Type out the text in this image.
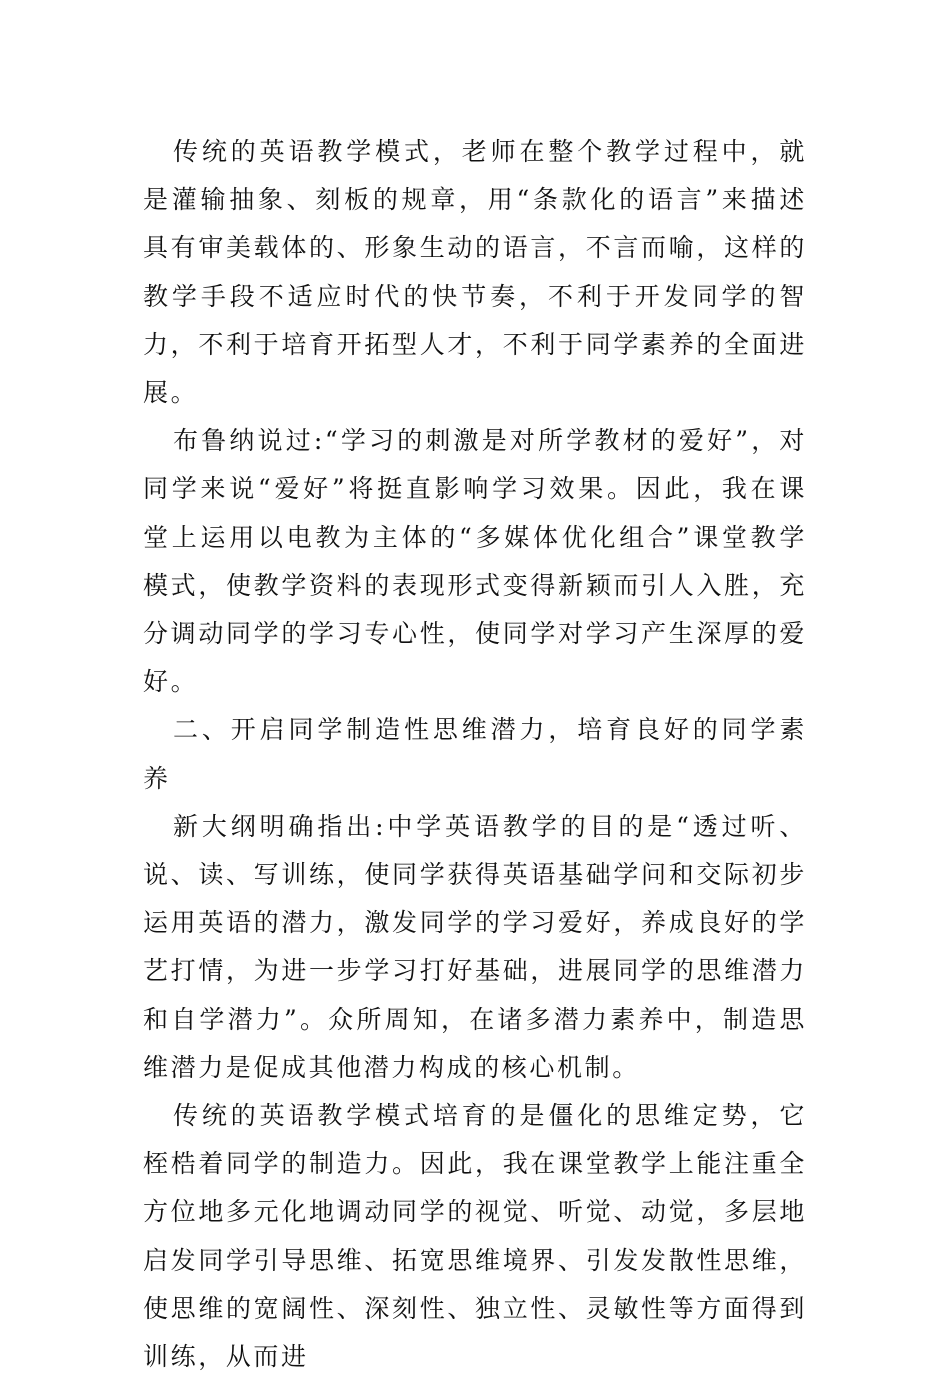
传统的英语教学模式，老师在整个教学过程中，就是灌输抽象、刻板的规章，用“条款化的语言”来描述具有审美载体的、形象生动的语言，不言而喻，这样的教学手段不适应时代的快节奏，不利于开发同学的智力，不利于培育开拓型人才，不利于同学素养的全面进展。

布鲁纳说过:“学习的刺激是对所学教材的爱好”，对同学来说“爱好”将挺直影响学习效果。因此，我在课堂上运用以电教为主体的“多媒体优化组合”课堂教学模式，使教学资料的表现形式变得新颖而引人入胜，充分调动同学的学习专心性，使同学对学习产生深厚的爱好。

二、开启同学制造性思维潜力，培育良好的同学素养

新大纲明确指出:中学英语教学的目的是“透过听、说、读、写训练，使同学获得英语基础学问和交际初步运用英语的潜力，激发同学的学习爱好，养成良好的学艺打情，为进一步学习打好基础，进展同学的思维潜力和自学潜力”。众所周知，在诸多潜力素养中，制造思维潜力是促成其他潜力构成的核心机制。

传统的英语教学模式培育的是僵化的思维定势，它桎梏着同学的制造力。因此，我在课堂教学上能注重全方位地多元化地调动同学的视觉、听觉、动觉，多层地启发同学引导思维、拓宽思维境界、引发发散性思维，使思维的宽阔性、深刻性、独立性、灵敏性等方面得到训练，从而进
